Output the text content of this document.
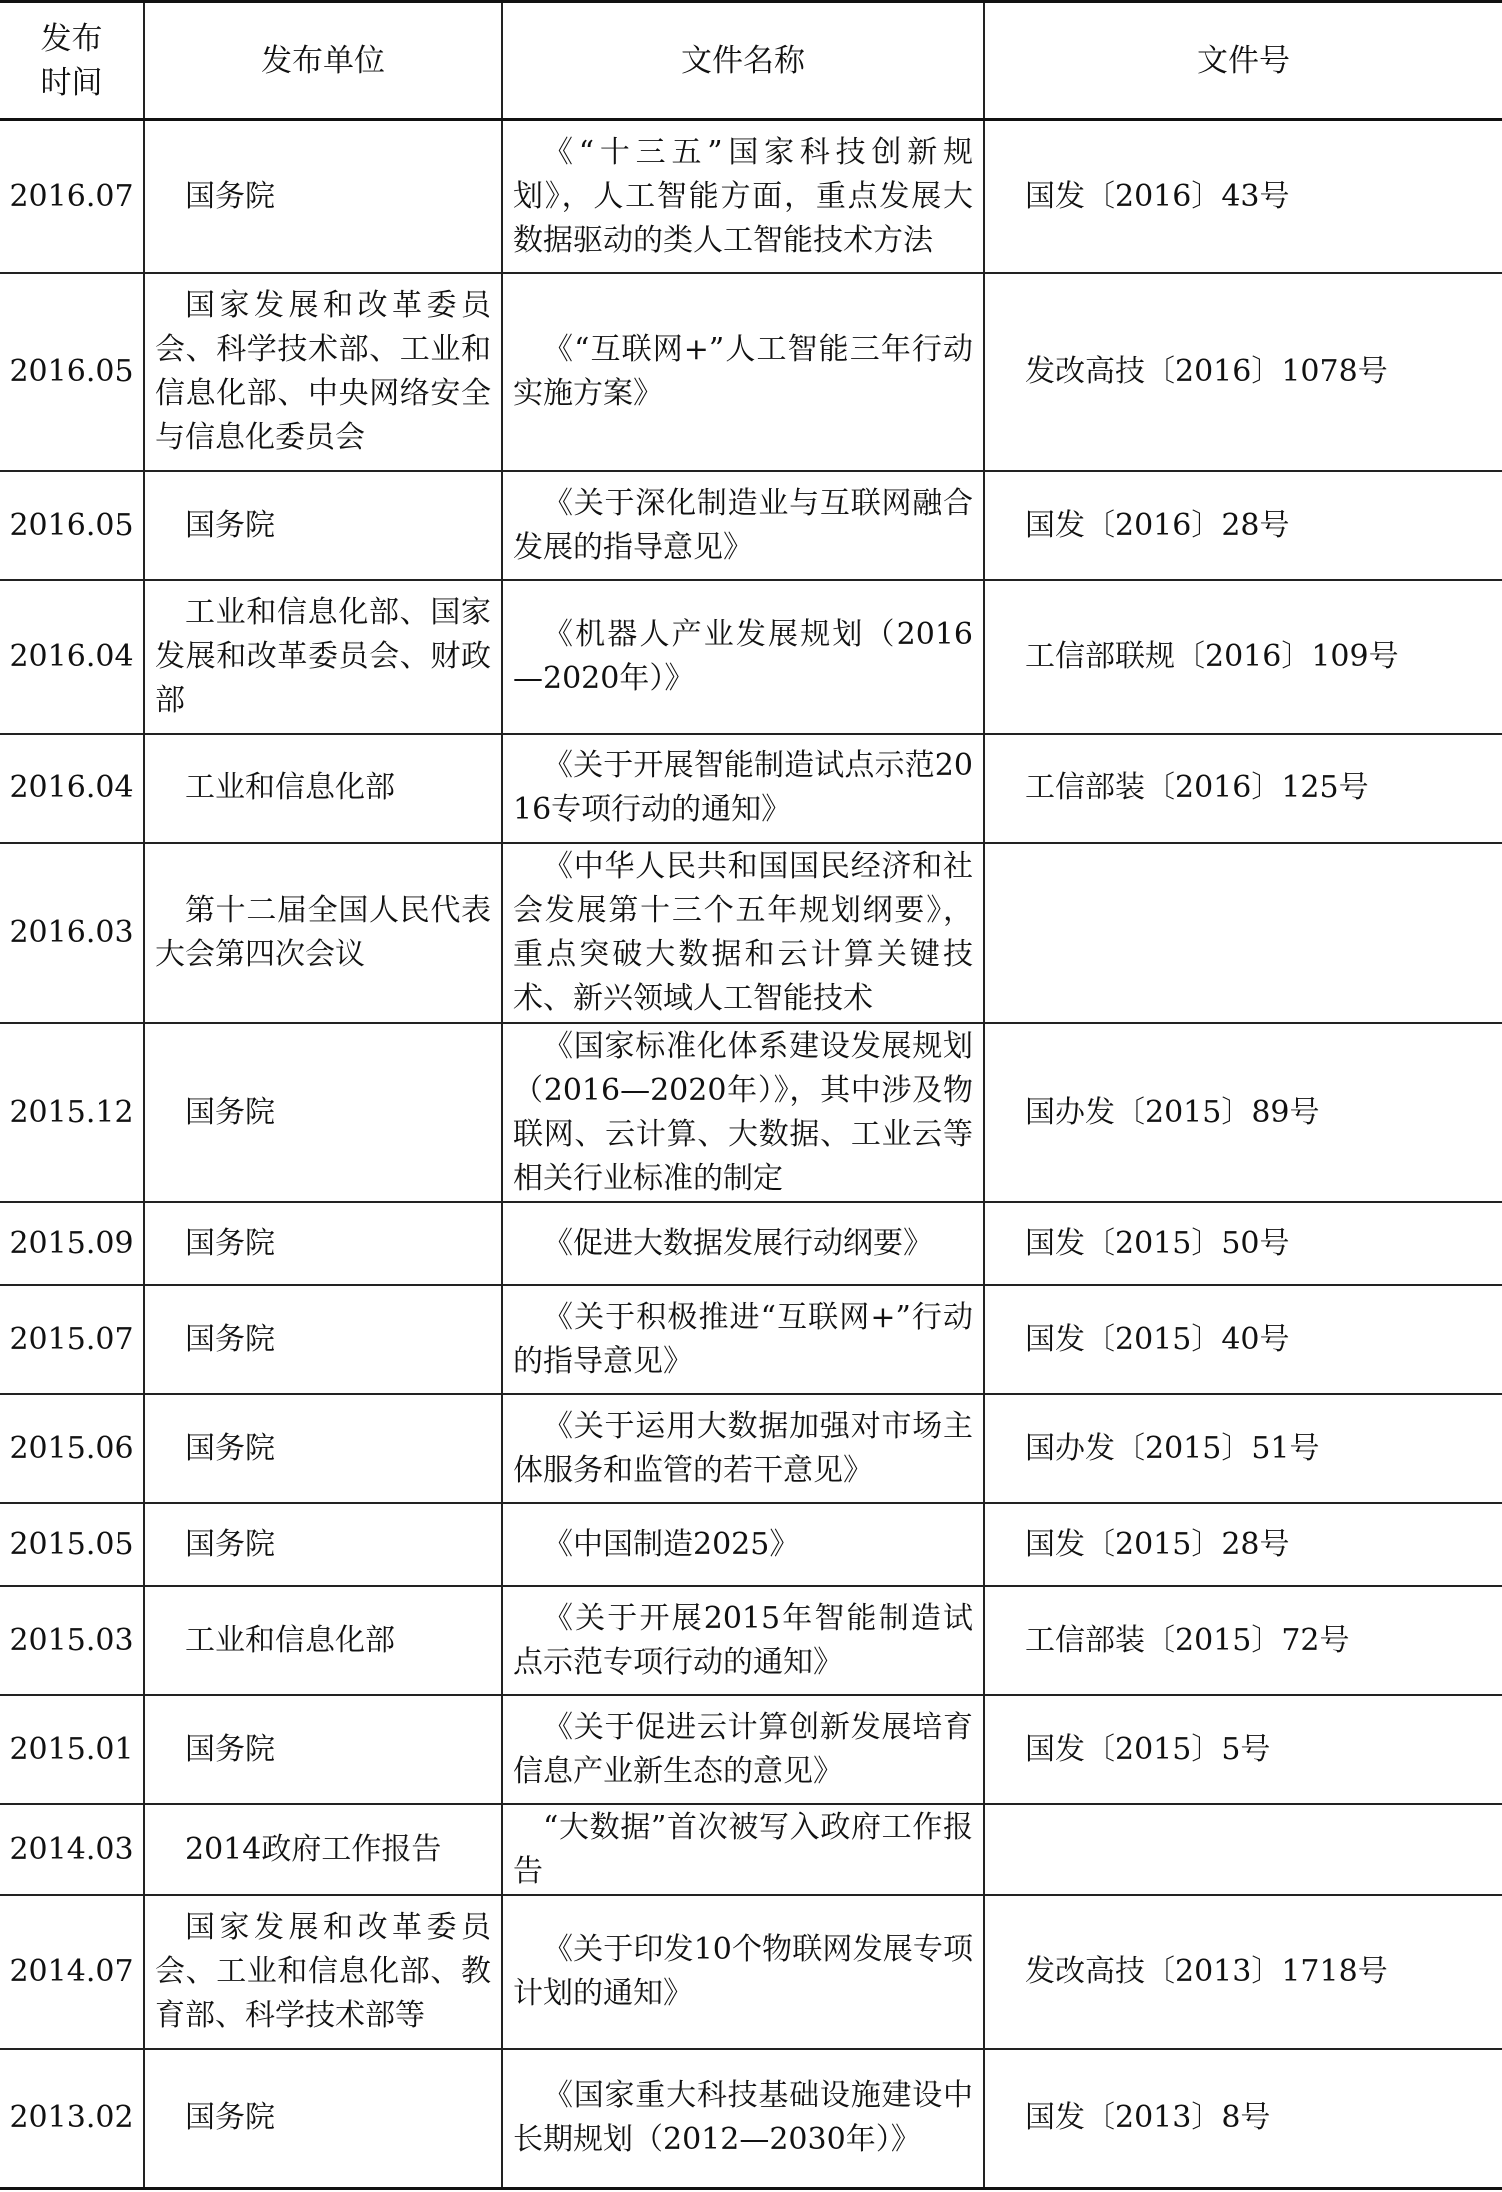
发布
时间	发布单位	文件名称	文件号
2016.07	国务院	《“十三五”国家科技创新规划》，人工智能方面，重点发展大数据驱动的类人工智能技术方法	国发〔2016〕43号
2016.05	国家发展和改革委员会、科学技术部、工业和信息化部、中央网络安全与信息化委员会	《“互联网+”人工智能三年行动实施方案》	发改高技〔2016〕1078号
2016.05	国务院	《关于深化制造业与互联网融合发展的指导意见》	国发〔2016〕28号
2016.04	工业和信息化部、国家发展和改革委员会、财政部	《机器人产业发展规划（2016—2020年）》	工信部联规〔2016〕109号
2016.04	工业和信息化部	《关于开展智能制造试点示范2016专项行动的通知》	工信部装〔2016〕125号
2016.03	第十二届全国人民代表大会第四次会议	《中华人民共和国国民经济和社会发展第十三个五年规划纲要》，重点突破大数据和云计算关键技术、新兴领域人工智能技术	
2015.12	国务院	《国家标准化体系建设发展规划（2016—2020年）》，其中涉及物联网、云计算、大数据、工业云等相关行业标准的制定	国办发〔2015〕89号
2015.09	国务院	《促进大数据发展行动纲要》	国发〔2015〕50号
2015.07	国务院	《关于积极推进“互联网+”行动的指导意见》	国发〔2015〕40号
2015.06	国务院	《关于运用大数据加强对市场主体服务和监管的若干意见》	国办发〔2015〕51号
2015.05	国务院	《中国制造2025》	国发〔2015〕28号
2015.03	工业和信息化部	《关于开展2015年智能制造试点示范专项行动的通知》	工信部装〔2015〕72号
2015.01	国务院	《关于促进云计算创新发展培育信息产业新生态的意见》	国发〔2015〕5号
2014.03	2014政府工作报告	“大数据”首次被写入政府工作报告	
2014.07	国家发展和改革委员会、工业和信息化部、教育部、科学技术部等	《关于印发10个物联网发展专项计划的通知》	发改高技〔2013〕1718号
2013.02	国务院	《国家重大科技基础设施建设中长期规划（2012—2030年）》	国发〔2013〕8号
